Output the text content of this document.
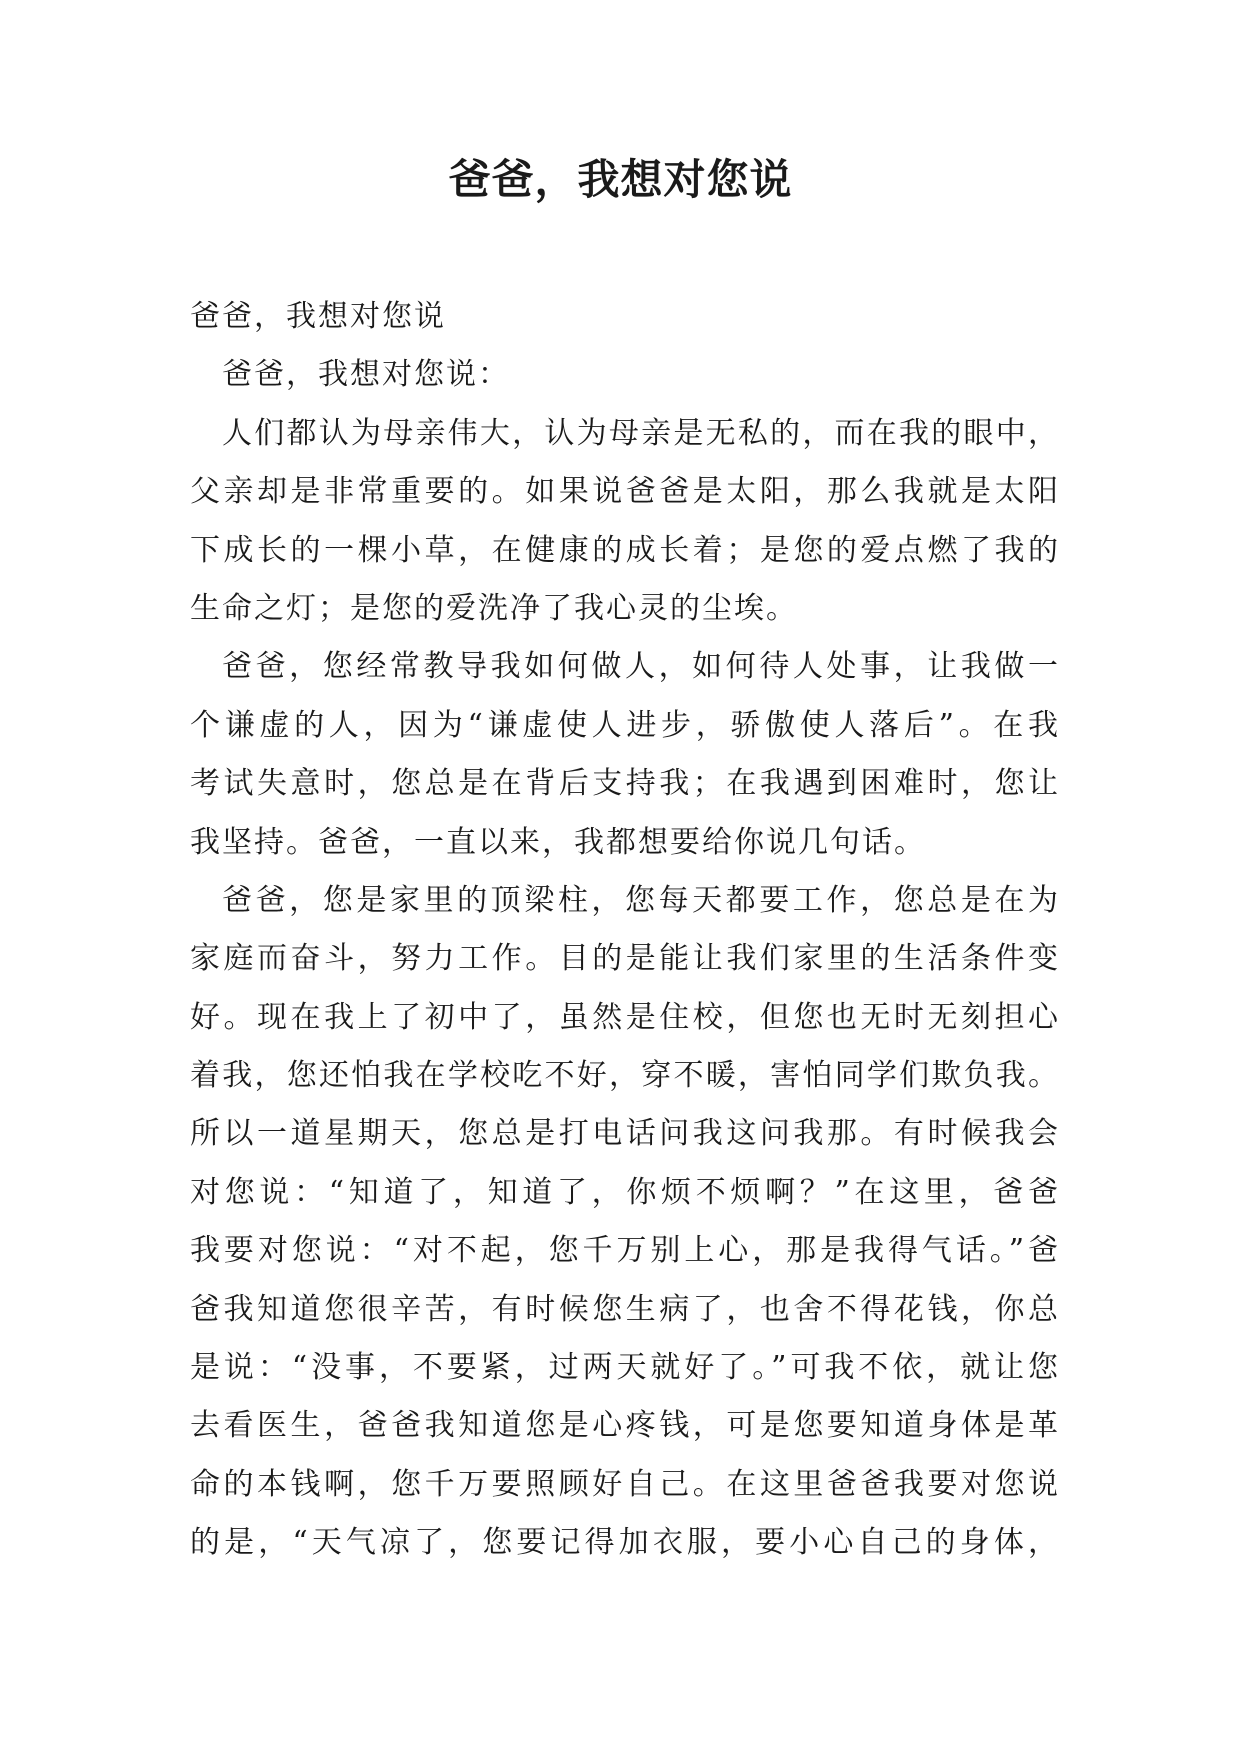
爸爸，我想对您说
爸爸，我想对您说
爸爸，我想对您说：
人们都认为母亲伟大，认为母亲是无私的，而在我的眼中，
父亲却是非常重要的。如果说爸爸是太阳，那么我就是太阳
下成长的一棵小草，在健康的成长着；是您的爱点燃了我的
生命之灯；是您的爱洗净了我心灵的尘埃。
爸爸，您经常教导我如何做人，如何待人处事，让我做一
个谦虚的人，因为“谦虚使人进步，骄傲使人落后”。在我
考试失意时，您总是在背后支持我；在我遇到困难时，您让
我坚持。爸爸，一直以来，我都想要给你说几句话。
爸爸，您是家里的顶梁柱，您每天都要工作，您总是在为
家庭而奋斗，努力工作。目的是能让我们家里的生活条件变
好。现在我上了初中了，虽然是住校，但您也无时无刻担心
着我，您还怕我在学校吃不好，穿不暖，害怕同学们欺负我。
所以一道星期天，您总是打电话问我这问我那。有时候我会
对您说：“知道了，知道了，你烦不烦啊？”在这里，爸爸
我要对您说：“对不起，您千万别上心，那是我得气话。”爸
爸我知道您很辛苦，有时候您生病了，也舍不得花钱，你总
是说：“没事，不要紧，过两天就好了。”可我不依，就让您
去看医生，爸爸我知道您是心疼钱，可是您要知道身体是革
命的本钱啊，您千万要照顾好自己。在这里爸爸我要对您说
的是，“天气凉了，您要记得加衣服，要小心自己的身体，
